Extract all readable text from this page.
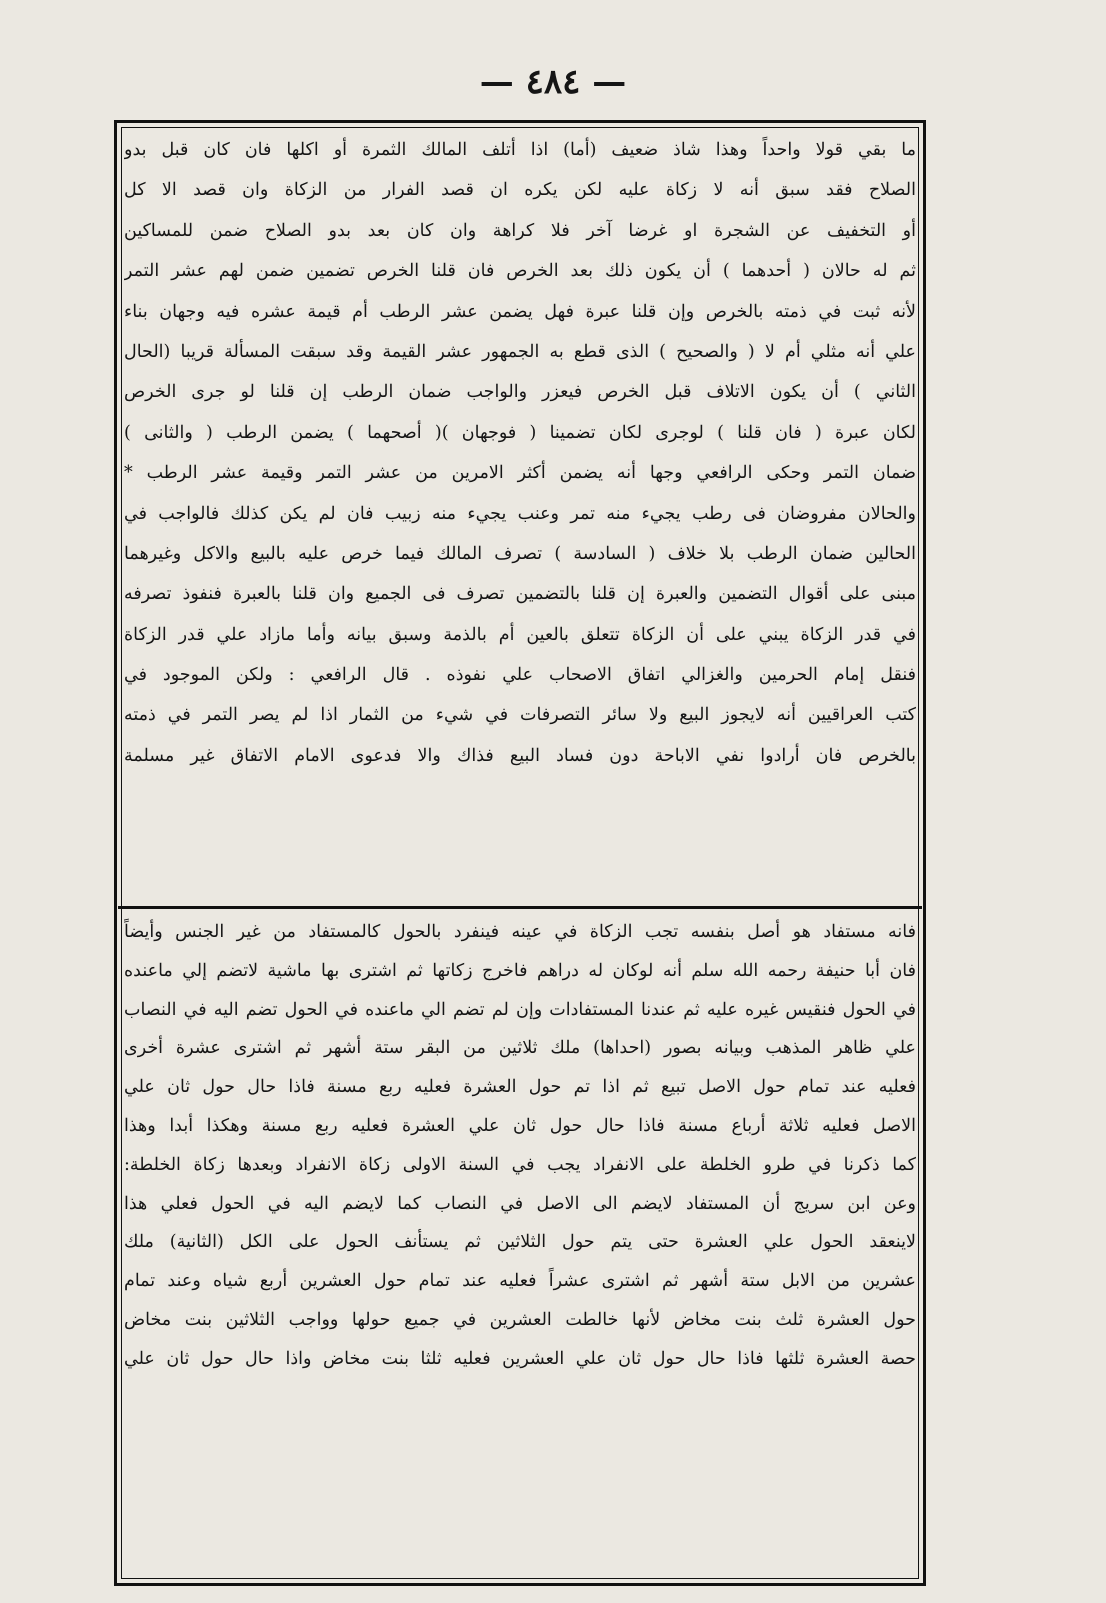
— ٤٨٤ —
ما بقي قولا واحداً وهذا شاذ ضعيف (أما) اذا أتلف المالك الثمرة أو اكلها فان كان قبل بدو
الصلاح فقد سبق أنه لا زكاة عليه لكن يكره ان قصد الفرار من الزكاة وان قصد الا كل
أو التخفيف عن الشجرة او غرضا آخر فلا كراهة وان كان بعد بدو الصلاح ضمن للمساكين
ثم له حالان ( أحدهما ) أن يكون ذلك بعد الخرص فان قلنا الخرص تضمين ضمن لهم عشر التمر
لأنه ثبت في ذمته بالخرص وإن قلنا عبرة فهل يضمن عشر الرطب أم قيمة عشره فيه وجهان بناء
علي أنه مثلي أم لا ( والصحيح ) الذى قطع به الجمهور عشر القيمة وقد سبقت المسألة قريبا (الحال
الثاني ) أن يكون الاتلاف قبل الخرص فيعزر والواجب ضمان الرطب إن قلنا لو جرى الخرص
لكان عبرة ( فان قلنا ) لوجرى لكان تضمينا ( فوجهان )( أصحهما ) يضمن الرطب ( والثانى )
ضمان التمر وحكى الرافعي وجها أنه يضمن أكثر الامرين من عشر التمر وقيمة عشر الرطب *
والحالان مفروضان فى رطب يجيء منه تمر وعنب يجيء منه زبيب فان لم يكن كذلك فالواجب في
الحالين ضمان الرطب بلا خلاف ( السادسة ) تصرف المالك فيما خرص عليه بالبيع والاكل وغيرهما
مبنى على أقوال التضمين والعبرة إن قلنا بالتضمين تصرف فى الجميع وان قلنا بالعبرة فنفوذ تصرفه
في قدر الزكاة يبني على أن الزكاة تتعلق بالعين أم بالذمة وسبق بيانه وأما مازاد علي قدر الزكاة
فنقل إمام الحرمين والغزالي اتفاق الاصحاب علي نفوذه . قال الرافعي : ولكن الموجود في
كتب العراقيين أنه لايجوز البيع ولا سائر التصرفات في شيء من الثمار اذا لم يصر التمر في ذمته
بالخرص فان أرادوا نفي الاباحة دون فساد البيع فذاك والا فدعوى الامام الاتفاق غير مسلمة
فانه مستفاد هو أصل بنفسه تجب الزكاة في عينه فينفرد بالحول كالمستفاد من غير الجنس وأيضاً
فان أبا حنيفة رحمه الله سلم أنه لوكان له دراهم فاخرج زكاتها ثم اشترى بها ماشية لاتضم إلي ماعنده
في الحول فنقيس غيره عليه ثم عندنا المستفادات وإن لم تضم الي ماعنده في الحول تضم اليه في النصاب
علي ظاهر المذهب وبيانه بصور (احداها) ملك ثلاثين من البقر ستة أشهر ثم اشترى عشرة أخرى
فعليه عند تمام حول الاصل تبيع ثم اذا تم حول العشرة فعليه ربع مسنة فاذا حال حول ثان علي
الاصل فعليه ثلاثة أرباع مسنة فاذا حال حول ثان علي العشرة فعليه ربع مسنة وهكذا أبدا وهذا
كما ذكرنا في طرو الخلطة على الانفراد يجب في السنة الاولى زكاة الانفراد وبعدها زكاة الخلطة:
وعن ابن سريج أن المستفاد لايضم الى الاصل في النصاب كما لايضم اليه في الحول فعلي هذا
لاينعقد الحول علي العشرة حتى يتم حول الثلاثين ثم يستأنف الحول على الكل (الثانية) ملك
عشرين من الابل ستة أشهر ثم اشترى عشراً فعليه عند تمام حول العشرين أربع شياه وعند تمام
حول العشرة ثلث بنت مخاض لأنها خالطت العشرين في جميع حولها وواجب الثلاثين بنت مخاض
حصة العشرة ثلثها فاذا حال حول ثان علي العشرين فعليه ثلثا بنت مخاض واذا حال حول ثان علي
